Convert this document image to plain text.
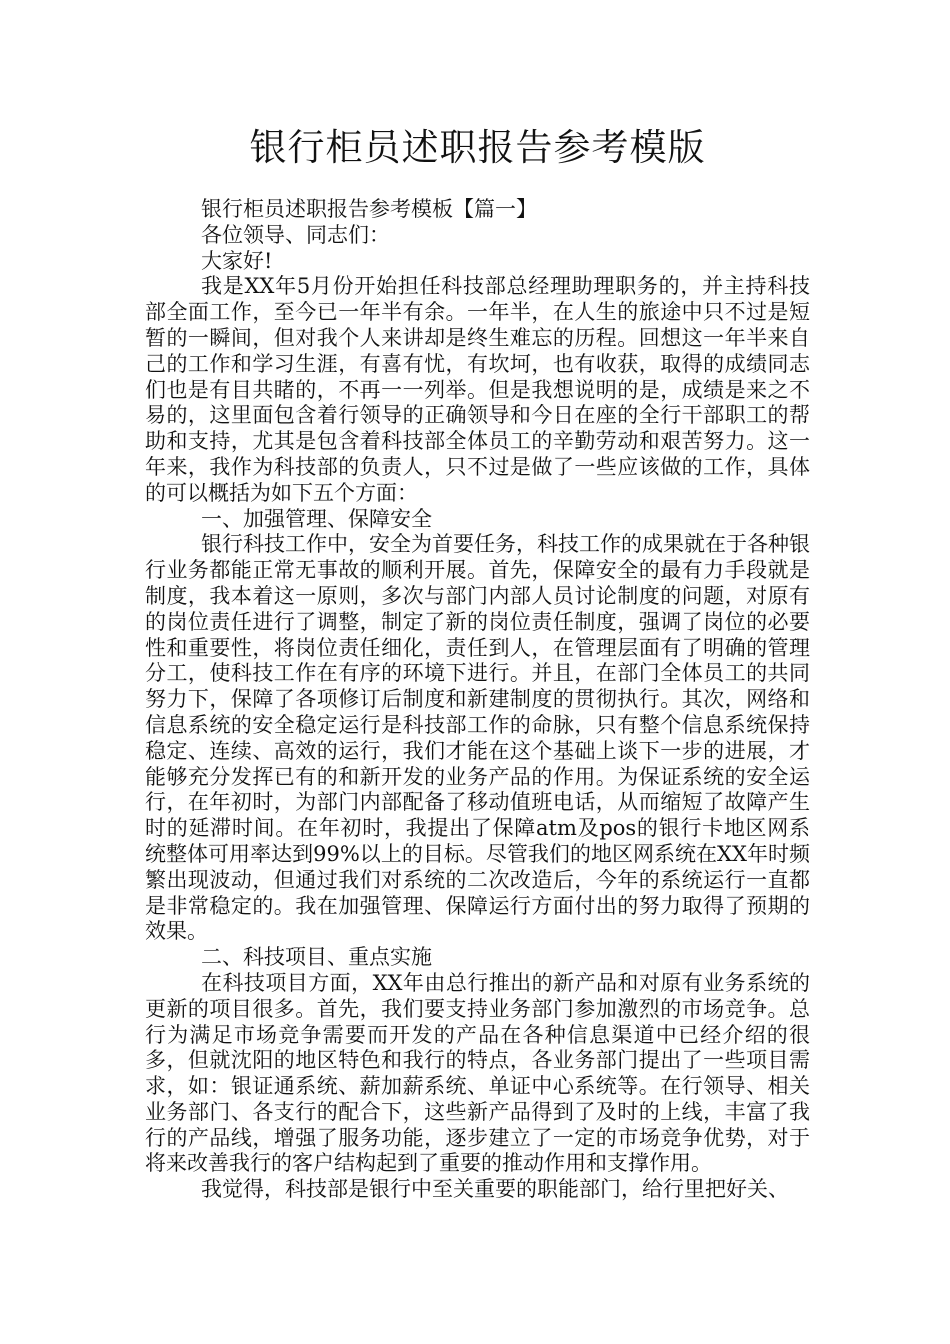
银行柜员述职报告参考模版

银行柜员述职报告参考模板【篇一】

各位领导、同志们：

大家好!

我是XX年5月份开始担任科技部总经理助理职务的，并主持科技部全面工作，至今已一年半有余。一年半，在人生的旅途中只不过是短暂的一瞬间，但对我个人来讲却是终生难忘的历程。回想这一年半来自己的工作和学习生涯，有喜有忧，有坎坷，也有收获，取得的成绩同志们也是有目共睹的，不再一一列举。但是我想说明的是，成绩是来之不易的，这里面包含着行领导的正确领导和今日在座的全行干部职工的帮助和支持，尤其是包含着科技部全体员工的辛勤劳动和艰苦努力。这一年来，我作为科技部的负责人，只不过是做了一些应该做的工作，具体的可以概括为如下五个方面：

一、加强管理、保障安全

银行科技工作中，安全为首要任务，科技工作的成果就在于各种银行业务都能正常无事故的顺利开展。首先，保障安全的最有力手段就是制度，我本着这一原则，多次与部门内部人员讨论制度的问题，对原有的岗位责任进行了调整，制定了新的岗位责任制度，强调了岗位的必要性和重要性，将岗位责任细化，责任到人，在管理层面有了明确的管理分工，使科技工作在有序的环境下进行。并且，在部门全体员工的共同努力下，保障了各项修订后制度和新建制度的贯彻执行。其次，网络和信息系统的安全稳定运行是科技部工作的命脉，只有整个信息系统保持稳定、连续、高效的运行，我们才能在这个基础上谈下一步的进展，才能够充分发挥已有的和新开发的业务产品的作用。为保证系统的安全运行，在年初时，为部门内部配备了移动值班电话，从而缩短了故障产生时的延滞时间。在年初时，我提出了保障atm及pos的银行卡地区网系统整体可用率达到99%以上的目标。尽管我们的地区网系统在XX年时频繁出现波动，但通过我们对系统的二次改造后，今年的系统运行一直都是非常稳定的。我在加强管理、保障运行方面付出的努力取得了预期的效果。

二、科技项目、重点实施

在科技项目方面，XX年由总行推出的新产品和对原有业务系统的更新的项目很多。首先，我们要支持业务部门参加激烈的市场竞争。总行为满足市场竞争需要而开发的产品在各种信息渠道中已经介绍的很多，但就沈阳的地区特色和我行的特点，各业务部门提出了一些项目需求，如：银证通系统、薪加薪系统、单证中心系统等。在行领导、相关业务部门、各支行的配合下，这些新产品得到了及时的上线，丰富了我行的产品线，增强了服务功能，逐步建立了一定的市场竞争优势，对于将来改善我行的客户结构起到了重要的推动作用和支撑作用。

我觉得，科技部是银行中至关重要的职能部门，给行里把好关、
